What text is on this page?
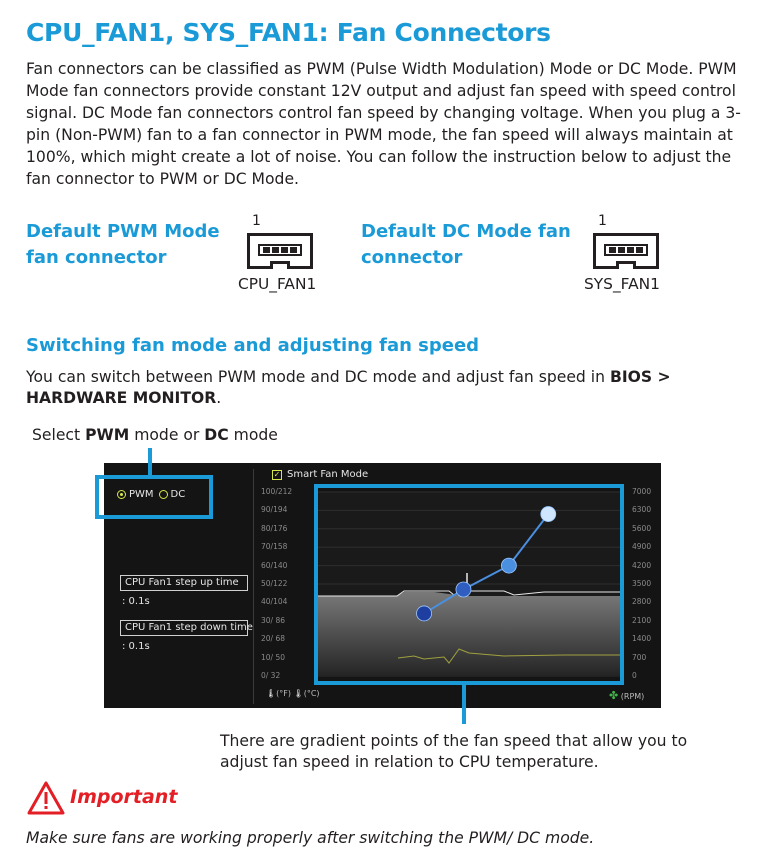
CPU_FAN1, SYS_FAN1: Fan Connectors
Fan connectors can be classified as PWM (Pulse Width Modulation) Mode or DC Mode. PWM Mode fan connectors provide constant 12V output and adjust fan speed with speed control signal. DC Mode fan connectors control fan speed by changing voltage. When you plug a 3-pin (Non-PWM) fan to a fan connector in PWM mode, the fan speed will always maintain at 100%, which might create a lot of noise. You can follow the instruction below to adjust the fan connector to PWM or DC Mode.
Default PWM Mode
fan connector
1
CPU_FAN1
Default DC Mode fan
connector
1
SYS_FAN1
Switching fan mode and adjusting fan speed
You can switch between PWM mode and DC mode and adjust fan speed in BIOS > HARDWARE MONITOR.
Select PWM mode or DC mode
PWM DC
CPU Fan1 step up time
: 0.1s
CPU Fan1 step down time
: 0.1s
✓ Smart Fan Mode
100/212
90/194
80/176
70/158
60/140
50/122
40/104
30/ 86
20/ 68
10/ 50
0/ 32
7000
6300
5600
4900
4200
3500
2800
2100
1400
700
0
🌡(°F) 🌡(°C)	✤ (RPM)
There are gradient points of the fan speed that allow you to adjust fan speed in relation to CPU temperature.
Important
Make sure fans are working properly after switching the PWM/ DC mode.
